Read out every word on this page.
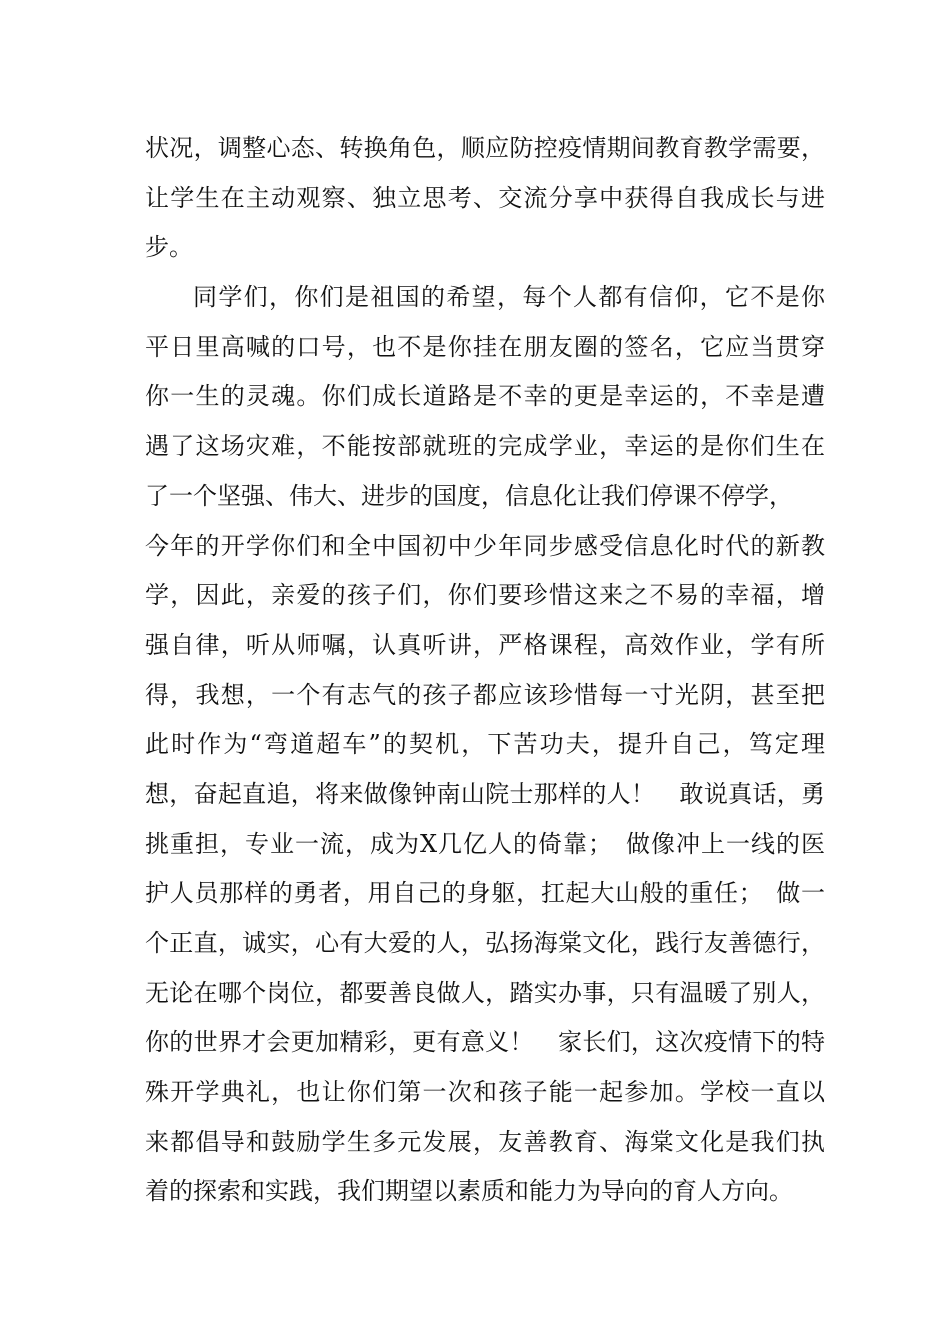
状况，调整心态、转换角色，顺应防控疫情期间教育教学需要，
让学生在主动观察、独立思考、交流分享中获得自我成长与进
步。
同学们，你们是祖国的希望，每个人都有信仰，它不是你
平日里高喊的口号，也不是你挂在朋友圈的签名，它应当贯穿
你一生的灵魂。你们成长道路是不幸的更是幸运的，不幸是遭
遇了这场灾难，不能按部就班的完成学业，幸运的是你们生在
了一个坚强、伟大、进步的国度，信息化让我们停课不停学，
今年的开学你们和全中国初中少年同步感受信息化时代的新教
学，因此，亲爱的孩子们，你们要珍惜这来之不易的幸福，增
强自律，听从师嘱，认真听讲，严格课程，高效作业，学有所
得，我想，一个有志气的孩子都应该珍惜每一寸光阴，甚至把
此时作为“弯道超车”的契机，下苦功夫，提升自己，笃定理
想，奋起直追，将来做像钟南山院士那样的人！　敢说真话，勇
挑重担，专业一流，成为X几亿人的倚靠；　做像冲上一线的医
护人员那样的勇者，用自己的身躯，扛起大山般的重任；　做一
个正直，诚实，心有大爱的人，弘扬海棠文化，践行友善德行，
无论在哪个岗位，都要善良做人，踏实办事，只有温暖了别人，
你的世界才会更加精彩，更有意义！　家长们，这次疫情下的特
殊开学典礼，也让你们第一次和孩子能一起参加。学校一直以
来都倡导和鼓励学生多元发展，友善教育、海棠文化是我们执
着的探索和实践，我们期望以素质和能力为导向的育人方向。
